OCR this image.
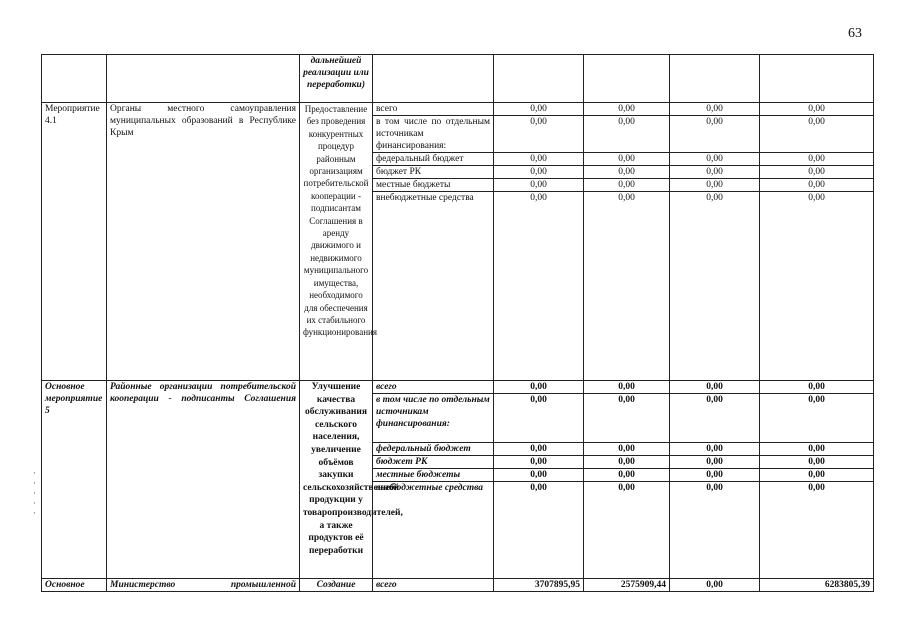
63
		дальнейшей реализации или переработки)					
Мероприятие 4.1	Органы местного самоуправления муниципальных образований в Республике Крым	Предоставление без проведения конкурентных процедур районным организациям потребительской кооперации - подписантам Соглашения в аренду движимого и недвижимого муниципального имущества, необходимого для обеспечения их стабильного функционирования	всего	0,00	0,00	0,00	0,00
			в том числе по отдельным источникам финансирования:	0,00	0,00	0,00	0,00
			федеральный бюджет	0,00	0,00	0,00	0,00
			бюджет РК	0,00	0,00	0,00	0,00
			местные бюджеты	0,00	0,00	0,00	0,00
			внебюджетные средства	0,00	0,00	0,00	0,00
Основное мероприятие 5	Районные организации потребительской кооперации - подписанты Соглашения	Улучшение качества обслуживания сельского населения, увеличение объёмов закупки сельскохозяйственной продукции у товаропроизводителей, а также продуктов её переработки	всего	0,00	0,00	0,00	0,00
			в том числе по отдельным источникам финансирования:	0,00	0,00	0,00	0,00
			федеральный бюджет	0,00	0,00	0,00	0,00
			бюджет РК	0,00	0,00	0,00	0,00
			местные бюджеты	0,00	0,00	0,00	0,00
			внебюджетные средства	0,00	0,00	0,00	0,00
Основное	Министерство промышленной	Создание	всего	3707895,95	2575909,44	0,00	6283805,39
·
·
·
·
·
